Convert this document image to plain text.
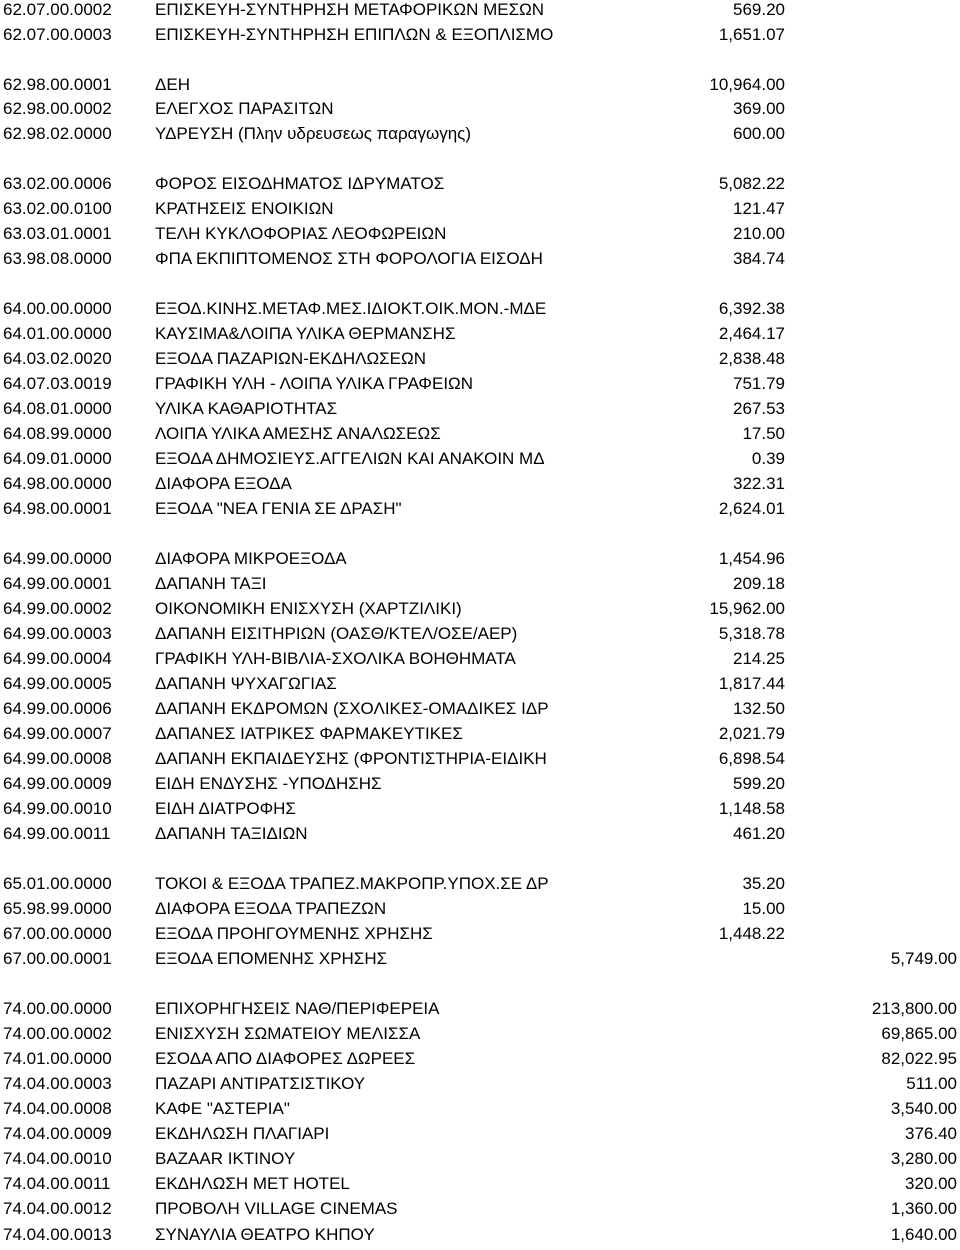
62.07.00.0002	ΕΠΙΣΚΕΥΗ-ΣΥΝΤΗΡΗΣΗ ΜΕΤΑΦΟΡΙΚΩΝ ΜΕΣΩΝ	569.20
62.07.00.0003	ΕΠΙΣΚΕΥΗ-ΣΥΝΤΗΡΗΣΗ ΕΠΙΠΛΩΝ & ΕΞΟΠΛΙΣΜΟ	1,651.07
62.98.00.0001	ΔΕΗ	10,964.00
62.98.00.0002	ΕΛΕΓΧΟΣ ΠΑΡΑΣΙΤΩΝ	369.00
62.98.02.0000	ΥΔΡΕΥΣΗ (Πλην υδρευσεως παραγωγης)	600.00
63.02.00.0006	ΦΟΡΟΣ ΕΙΣΟΔΗΜΑΤΟΣ ΙΔΡΥΜΑΤΟΣ	5,082.22
63.02.00.0100	ΚΡΑΤΗΣΕΙΣ ΕΝΟΙΚΙΩΝ	121.47
63.03.01.0001	ΤΕΛΗ ΚΥΚΛΟΦΟΡΙΑΣ ΛΕΟΦΩΡΕΙΩΝ	210.00
63.98.08.0000	ΦΠΑ ΕΚΠΙΠΤΟΜΕΝΟΣ ΣΤΗ ΦΟΡΟΛΟΓΙΑ ΕΙΣΟΔΗ	384.74
64.00.00.0000	ΕΞΟΔ.ΚΙΝΗΣ.ΜΕΤΑΦ.ΜΕΣ.ΙΔΙΟΚΤ.ΟΙΚ.ΜΟΝ.-ΜΔΕ	6,392.38
64.01.00.0000	ΚΑΥΣΙΜΑ&ΛΟΙΠΑ ΥΛΙΚΑ ΘΕΡΜΑΝΣΗΣ	2,464.17
64.03.02.0020	ΕΞΟΔΑ ΠΑΖΑΡΙΩΝ-ΕΚΔΗΛΩΣΕΩΝ	2,838.48
64.07.03.0019	ΓΡΑΦΙΚΗ ΥΛΗ - ΛΟΙΠΑ ΥΛΙΚΑ ΓΡΑΦΕΙΩΝ	751.79
64.08.01.0000	ΥΛΙΚΑ ΚΑΘΑΡΙΟΤΗΤΑΣ	267.53
64.08.99.0000	ΛΟΙΠΑ ΥΛΙΚΑ ΑΜΕΣΗΣ ΑΝΑΛΩΣΕΩΣ	17.50
64.09.01.0000	ΕΞΟΔΑ ΔΗΜΟΣΙΕΥΣ.ΑΓΓΕΛΙΩΝ ΚΑΙ ΑΝΑΚΟΙΝ ΜΔ	0.39
64.98.00.0000	ΔΙΑΦΟΡΑ ΕΞΟΔΑ	322.31
64.98.00.0001	ΕΞΟΔΑ "ΝΕΑ ΓΕΝΙΑ ΣΕ ΔΡΑΣΗ"	2,624.01
64.99.00.0000	ΔΙΑΦΟΡΑ ΜΙΚΡΟΕΞΟΔΑ	1,454.96
64.99.00.0001	ΔΑΠΑΝΗ ΤΑΞΙ	209.18
64.99.00.0002	ΟΙΚΟΝΟΜΙΚΗ ΕΝΙΣΧΥΣΗ (ΧΑΡΤΖΙΛΙΚΙ)	15,962.00
64.99.00.0003	ΔΑΠΑΝΗ ΕΙΣΙΤΗΡΙΩΝ (ΟΑΣΘ/ΚΤΕΛ/ΟΣΕ/ΑΕΡ)	5,318.78
64.99.00.0004	ΓΡΑΦΙΚΗ ΥΛΗ-ΒΙΒΛΙΑ-ΣΧΟΛΙΚΑ ΒΟΗΘΗΜΑΤΑ	214.25
64.99.00.0005	ΔΑΠΑΝΗ ΨΥΧΑΓΩΓΙΑΣ	1,817.44
64.99.00.0006	ΔΑΠΑΝΗ ΕΚΔΡΟΜΩΝ (ΣΧΟΛΙΚΕΣ-ΟΜΑΔΙΚΕΣ ΙΔΡ	132.50
64.99.00.0007	ΔΑΠΑΝΕΣ ΙΑΤΡΙΚΕΣ ΦΑΡΜΑΚΕΥΤΙΚΕΣ	2,021.79
64.99.00.0008	ΔΑΠΑΝΗ ΕΚΠΑΙΔΕΥΣΗΣ (ΦΡΟΝΤΙΣΤΗΡΙΑ-ΕΙΔΙΚΗ	6,898.54
64.99.00.0009	ΕΙΔΗ ΕΝΔΥΣΗΣ -ΥΠΟΔΗΣΗΣ	599.20
64.99.00.0010	ΕΙΔΗ ΔΙΑΤΡΟΦΗΣ	1,148.58
64.99.00.0011	ΔΑΠΑΝΗ ΤΑΞΙΔΙΩΝ	461.20
65.01.00.0000	ΤΟΚΟΙ & ΕΞΟΔΑ ΤΡΑΠΕΖ.ΜΑΚΡΟΠΡ.ΥΠΟΧ.ΣΕ ΔΡ	35.20
65.98.99.0000	ΔΙΑΦΟΡΑ ΕΞΟΔΑ ΤΡΑΠΕΖΩΝ	15.00
67.00.00.0000	ΕΞΟΔΑ ΠΡΟΗΓΟΥΜΕΝΗΣ ΧΡΗΣΗΣ	1,448.22
67.00.00.0001	ΕΞΟΔΑ ΕΠΟΜΕΝΗΣ ΧΡΗΣΗΣ	5,749.00
74.00.00.0000	ΕΠΙΧΟΡΗΓΗΣΕΙΣ ΝΑΘ/ΠΕΡΙΦΕΡΕΙΑ	213,800.00
74.00.00.0002	ΕΝΙΣΧΥΣΗ ΣΩΜΑΤΕΙΟΥ ΜΕΛΙΣΣΑ	69,865.00
74.01.00.0000	ΕΣΟΔΑ ΑΠΟ ΔΙΑΦΟΡΕΣ ΔΩΡΕΕΣ	82,022.95
74.04.00.0003	ΠΑΖΑΡΙ ΑΝΤΙΡΑΤΣΙΣΤΙΚΟΥ	511.00
74.04.00.0008	ΚΑΦΕ "ΑΣΤΕΡΙΑ"	3,540.00
74.04.00.0009	ΕΚΔΗΛΩΣΗ ΠΛΑΓΙΑΡΙ	376.40
74.04.00.0010	BAZAAR ΙΚΤΙΝΟΥ	3,280.00
74.04.00.0011	ΕΚΔΗΛΩΣΗ ΜΕΤ HOTEL	320.00
74.04.00.0012	ΠΡΟΒΟΛΗ VILLAGE CINEMAS	1,360.00
74.04.00.0013	ΣΥΝΑΥΛΙΑ ΘΕΑΤΡΟ ΚΗΠΟΥ	1,640.00
